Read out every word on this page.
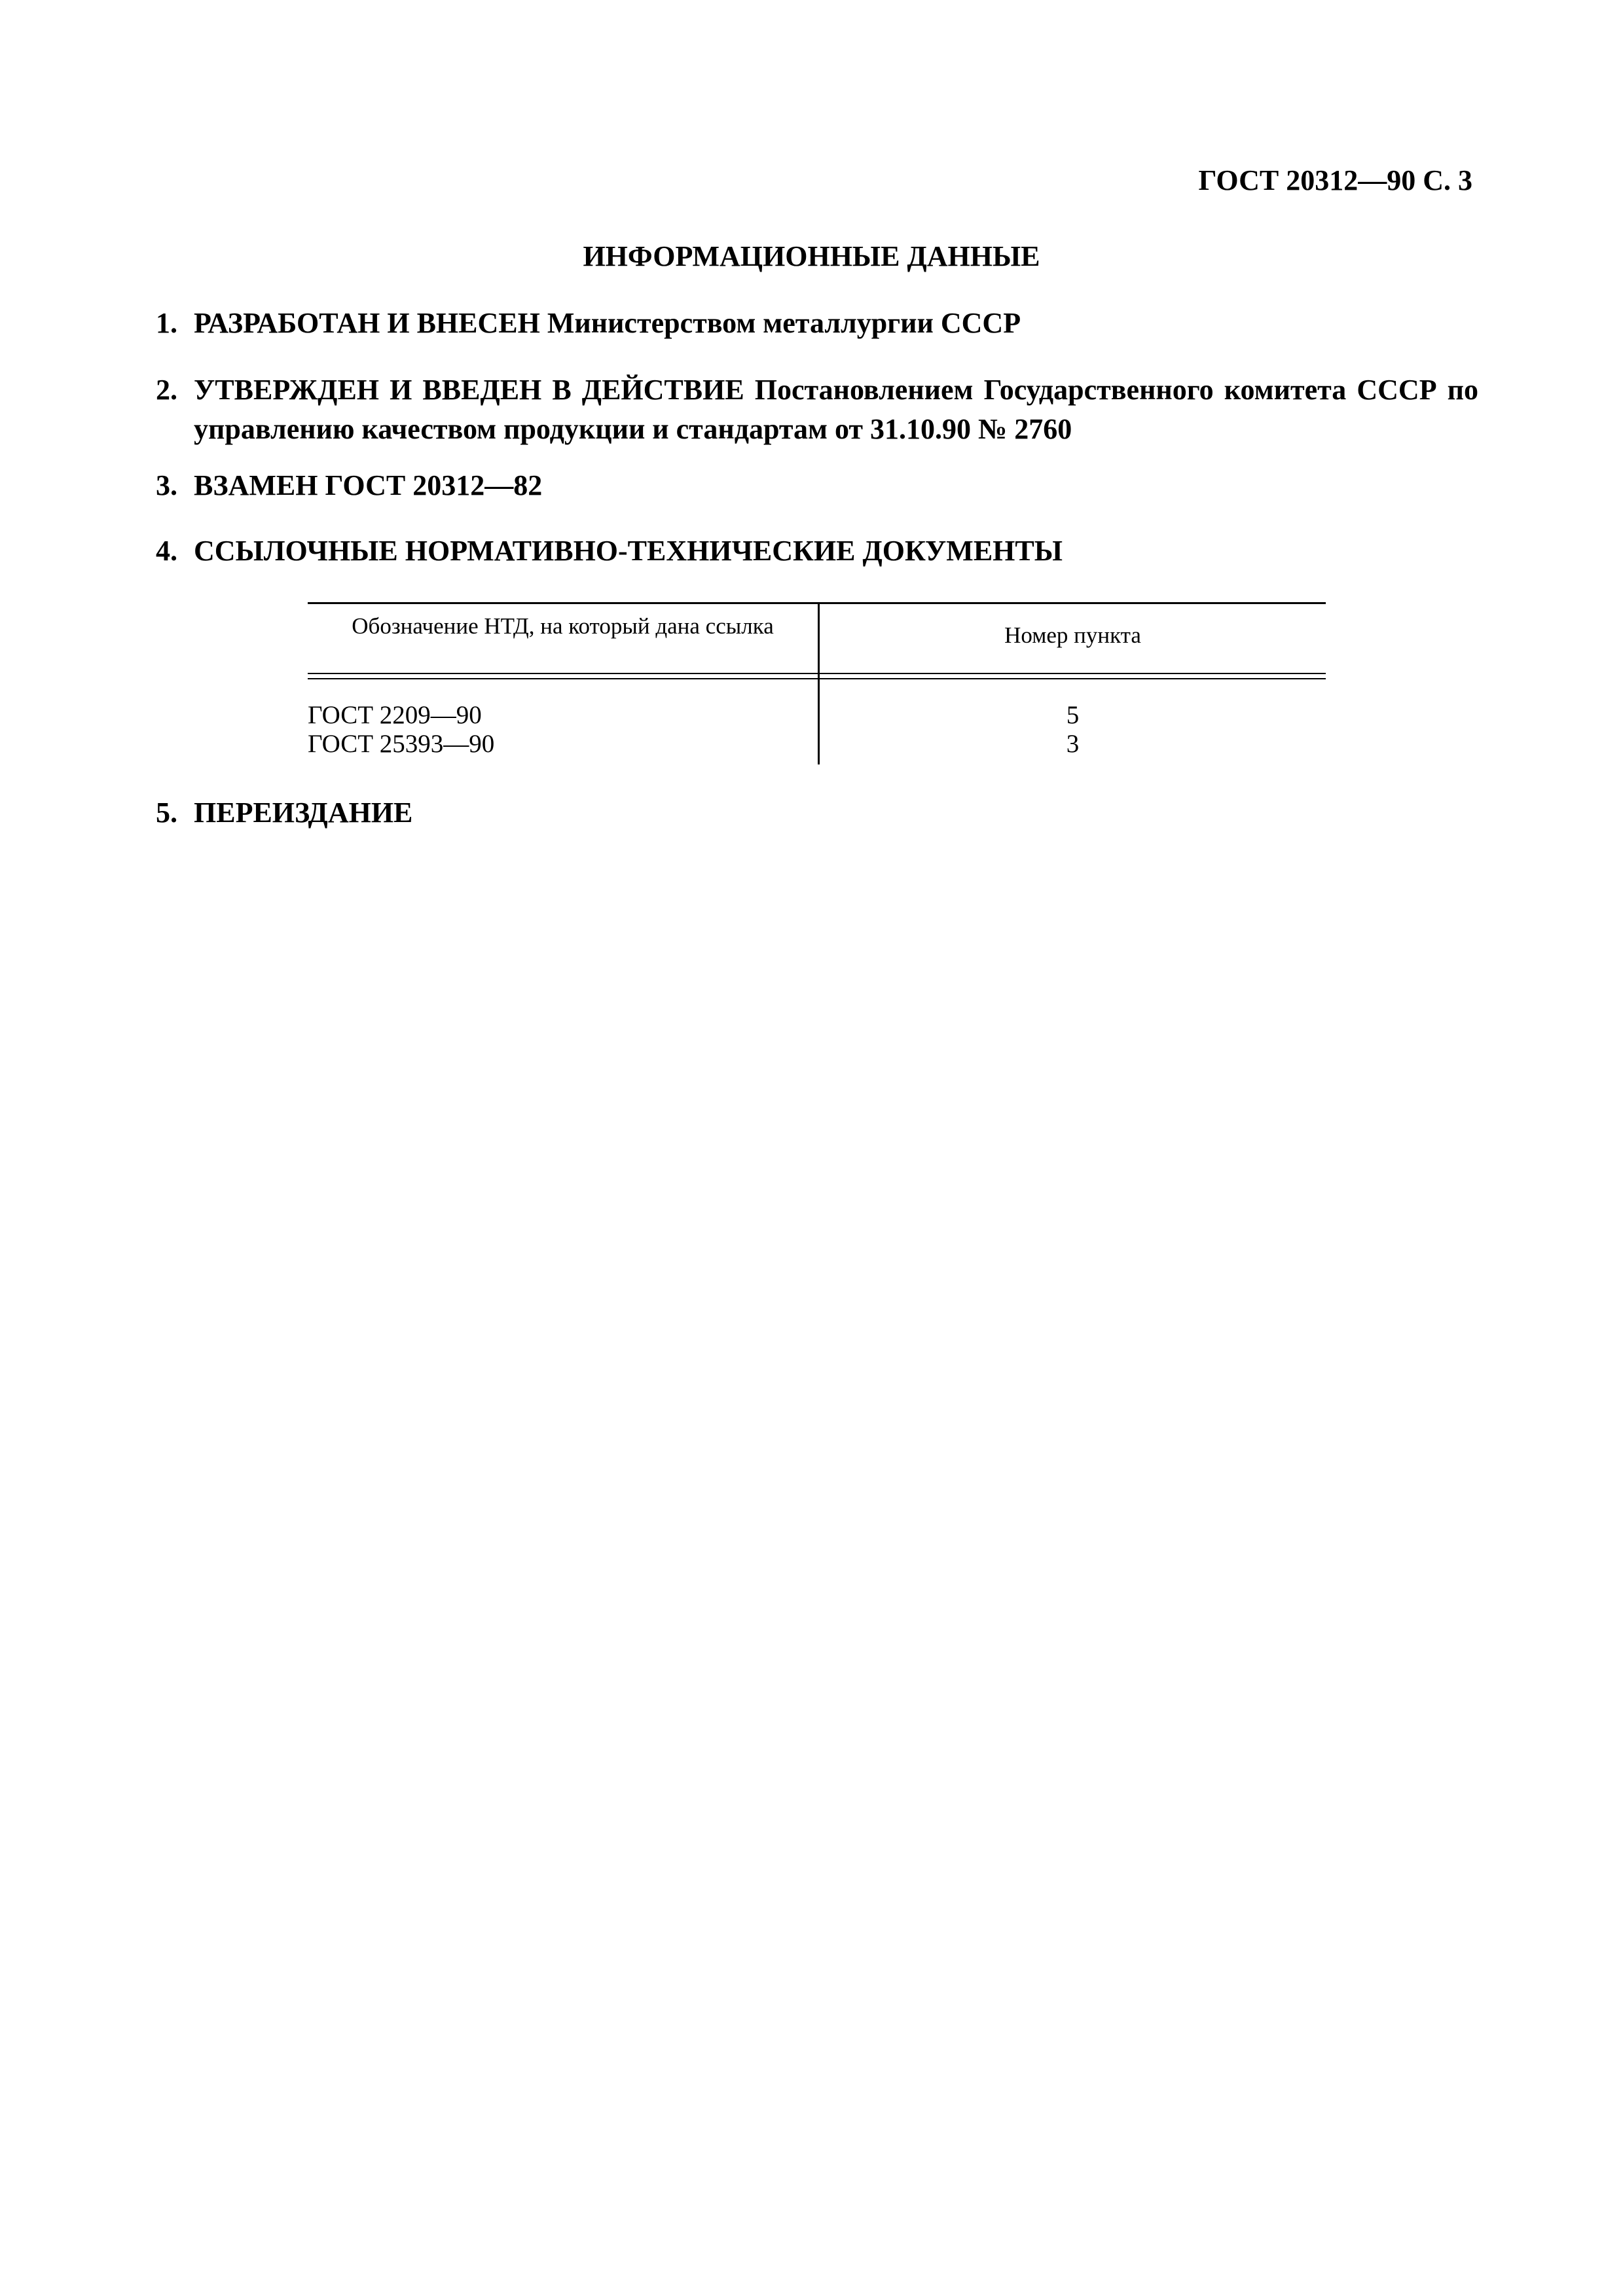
ГОСТ 20312—90 С. 3
ИНФОРМАЦИОННЫЕ ДАННЫЕ
1. РАЗРАБОТАН И ВНЕСЕН Министерством металлургии СССР
2. УТВЕРЖДЕН И ВВЕДЕН В ДЕЙСТВИЕ Постановлением Государственного комитета СССР по управлению качеством продукции и стандартам от 31.10.90 № 2760
3. ВЗАМЕН ГОСТ 20312—82
4. ССЫЛОЧНЫЕ НОРМАТИВНО-ТЕХНИЧЕСКИЕ ДОКУМЕНТЫ
Обозначение НТД, на который дана ссылка	Номер пункта
ГОСТ 2209—90	5
ГОСТ 25393—90	3
5. ПЕРЕИЗДАНИЕ
